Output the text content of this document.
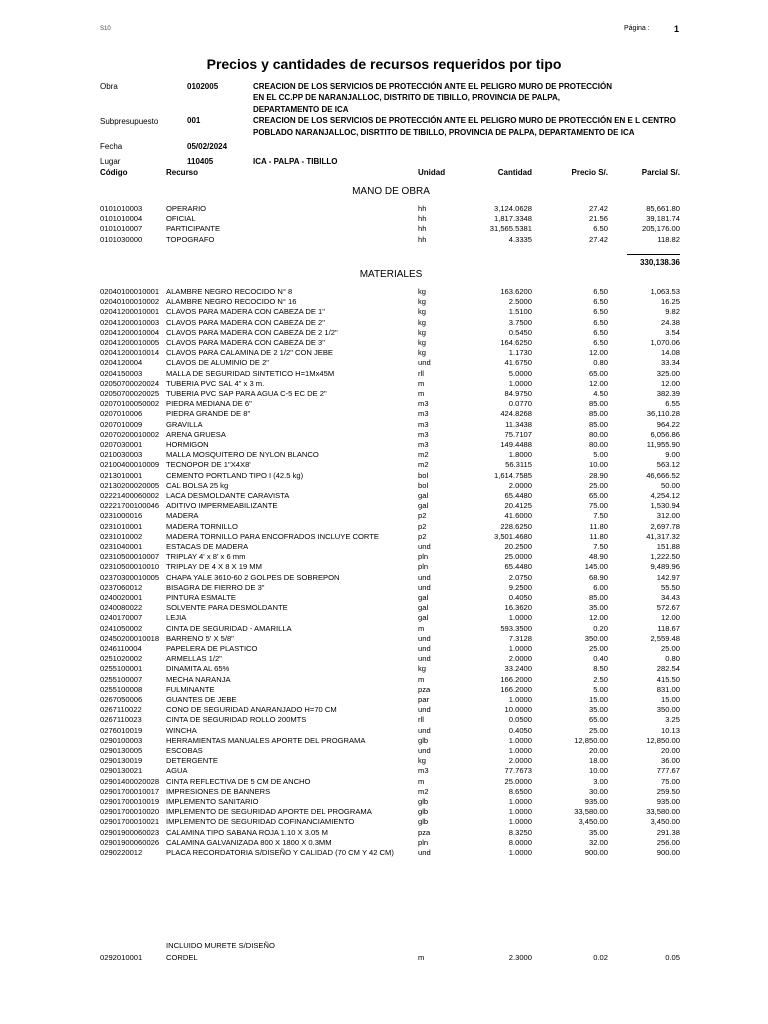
S10	Página :	1
Precios y cantidades de recursos requeridos por tipo
Obra	0102005	CREACION DE LOS SERVICIOS DE PROTECCIÓN ANTE EL PELIGRO MURO DE PROTECCIÓN
EN EL CC.PP DE NARANJALLOC, DISTRITO DE TIBILLO, PROVINCIA DE PALPA,
DEPARTAMENTO DE ICA
Subpresupuesto	001	CREACION DE LOS SERVICIOS DE PROTECCIÓN ANTE EL PELIGRO MURO DE PROTECCIÓN EN E L CENTRO
POBLADO NARANJALLOC, DISRTITO DE TIBILLO, PROVINCIA DE PALPA, DEPARTAMENTO DE ICA
Fecha	05/02/2024
Lugar	110405	ICA - PALPA - TIBILLO
Código	Recurso	Unidad	Cantidad	Precio S/.	Parcial S/.
MANO DE OBRA
0101010003	OPERARIO	hh	3,124.0628	27.42	85,661.80
0101010004	OFICIAL	hh	1,817.3348	21.56	39,181.74
0101010007	PARTICIPANTE	hh	31,565.5381	6.50	205,176.00
0101030000	TOPOGRAFO	hh	4.3335	27.42	118.82
330,138.36
MATERIALES
02040100010001 ALAMBRE NEGRO RECOCIDO N° 8	kg	163.6200	6.50	1,063.53
02040100010002 ALAMBRE NEGRO RECOCIDO N° 16	kg	2.5000	6.50	16.25
02041200010001 CLAVOS PARA MADERA CON CABEZA DE 1"	kg	1.5100	6.50	9.82
02041200010003 CLAVOS PARA MADERA CON CABEZA DE 2"	kg	3.7500	6.50	24.38
02041200010004 CLAVOS PARA MADERA CON CABEZA DE 2 1/2"	kg	0.5450	6.50	3.54
02041200010005 CLAVOS PARA MADERA CON CABEZA DE 3"	kg	164.6250	6.50	1,070.06
02041200010014 CLAVOS PARA CALAMINA DE 2 1/2" CON JEBE	kg	1.1730	12.00	14.08
0204120004	CLAVOS DE ALUMINIO DE 2"	und	41.6750	0.80	33.34
0204150003	MALLA DE SEGURIDAD SINTETICO H=1Mx45M	rll	5.0000	65.00	325.00
02050700020024 TUBERIA PVC SAL 4" x 3 m.	m	1.0000	12.00	12.00
02050700020025 TUBERIA PVC SAP PARA AGUA C-5 EC DE 2"	m	84.9750	4.50	382.39
02070100050002 PIEDRA MEDIANA DE 6"	m3	0.0770	85.00	6.55
0207010006	PIEDRA GRANDE DE 8"	m3	424.8268	85.00	36,110.28
0207010009	GRAVILLA	m3	11.3438	85.00	964.22
02070200010002 ARENA GRUESA	m3	75.7107	80.00	6,056.86
0207030001	HORMIGON	m3	149.4488	80.00	11,955.90
0210030003	MALLA MOSQUITERO DE NYLON BLANCO	m2	1.8000	5.00	9.00
02100400010009 TECNOPOR DE 1"X4X8'	m2	56.3115	10.00	563.12
0213010001	CEMENTO PORTLAND TIPO I (42.5 kg)	bol	1,614.7585	28.90	46,666.52
02130200020005 CAL BOLSA 25 kg	bol	2.0000	25.00	50.00
02221400060002 LACA DESMOLDANTE CARAVISTA	gal	65.4480	65.00	4,254.12
02221700100046 ADITIVO IMPERMEABILIZANTE	gal	20.4125	75.00	1,530.94
0231000016	MADERA	p2	41.6000	7.50	312.00
0231010001	MADERA TORNILLO	p2	228.6250	11.80	2,697.78
0231010002	MADERA TORNILLO PARA ENCOFRADOS INCLUYE CORTE	p2	3,501.4680	11.80	41,317.32
0231040001	ESTACAS DE MADERA	und	20.2500	7.50	151.88
02310500010007 TRIPLAY 4' x 8' x 6 mm	pln	25.0000	48.90	1,222.50
02310500010010 TRIPLAY DE 4 X 8 X 19 MM	pln	65.4480	145.00	9,489.96
02370300010005 CHAPA YALE 3610-60 2 GOLPES DE SOBREPON	und	2.0750	68.90	142.97
0237060012	BISAGRA DE FIERRO DE 3"	und	9.2500	6.00	55.50
0240020001	PINTURA ESMALTE	gal	0.4050	85.00	34.43
0240080022	SOLVENTE PARA DESMOLDANTE	gal	16.3620	35.00	572.67
0240170007	LEJIA	gal	1.0000	12.00	12.00
0241050002	CINTA DE SEGURIDAD - AMARILLA	m	593.3500	0.20	118.67
02450200010018 BARRENO 5' X 5/8"	und	7.3128	350.00	2,559.48
0246110004	PAPELERA DE PLASTICO	und	1.0000	25.00	25.00
0251020002	ARMELLAS 1/2"	und	2.0000	0.40	0.80
0255100001	DINAMITA AL 65%	kg	33.2400	8.50	282.54
0255100007	MECHA NARANJA	m	166.2000	2.50	415.50
0255100008	FULMINANTE	pza	166.2000	5.00	831.00
0267050006	GUANTES DE JEBE	par	1.0000	15.00	15.00
0267110022	CONO DE SEGURIDAD ANARANJADO H=70 CM	und	10.0000	35.00	350.00
0267110023	CINTA DE SEGURIDAD ROLLO 200MTS	rll	0.0500	65.00	3.25
0276010019	WINCHA	und	0.4050	25.00	10.13
0290100003	HERRAMIENTAS MANUALES APORTE DEL PROGRAMA	glb	1.0000	12,850.00	12,850.00
0290130005	ESCOBAS	und	1.0000	20.00	20.00
0290130019	DETERGENTE	kg	2.0000	18.00	36.00
0290130021	AGUA	m3	77.7673	10.00	777.67
02901400020028 CINTA REFLECTIVA DE 5 CM DE ANCHO	m	25.0000	3.00	75.00
02901700010017 IMPRESIONES DE BANNERS	m2	8.6500	30.00	259.50
02901700010019 IMPLEMENTO SANITARIO	glb	1.0000	935.00	935.00
02901700010020 IMPLEMENTO DE SEGURIDAD APORTE DEL PROGRAMA	glb	1.0000	33,580.00	33,580.00
02901700010021 IMPLEMENTO DE SEGURIDAD COFINANCIAMIENTO	glb	1.0000	3,450.00	3,450.00
02901900060023 CALAMINA TIPO SABANA ROJA 1.10 X 3.05 M	pza	8.3250	35.00	291.38
02901900060026 CALAMINA GALVANIZADA 800 X 1800 X 0.3MM	pln	8.0000	32.00	256.00
0290220012	PLACA RECORDATORIA S/DISEÑO Y CALIDAD (70 CM Y 42 CM)	und	1.0000	900.00	900.00
INCLUIDO MURETE S/DISEÑO
0292010001	CORDEL	m	2.3000	0.02	0.05
